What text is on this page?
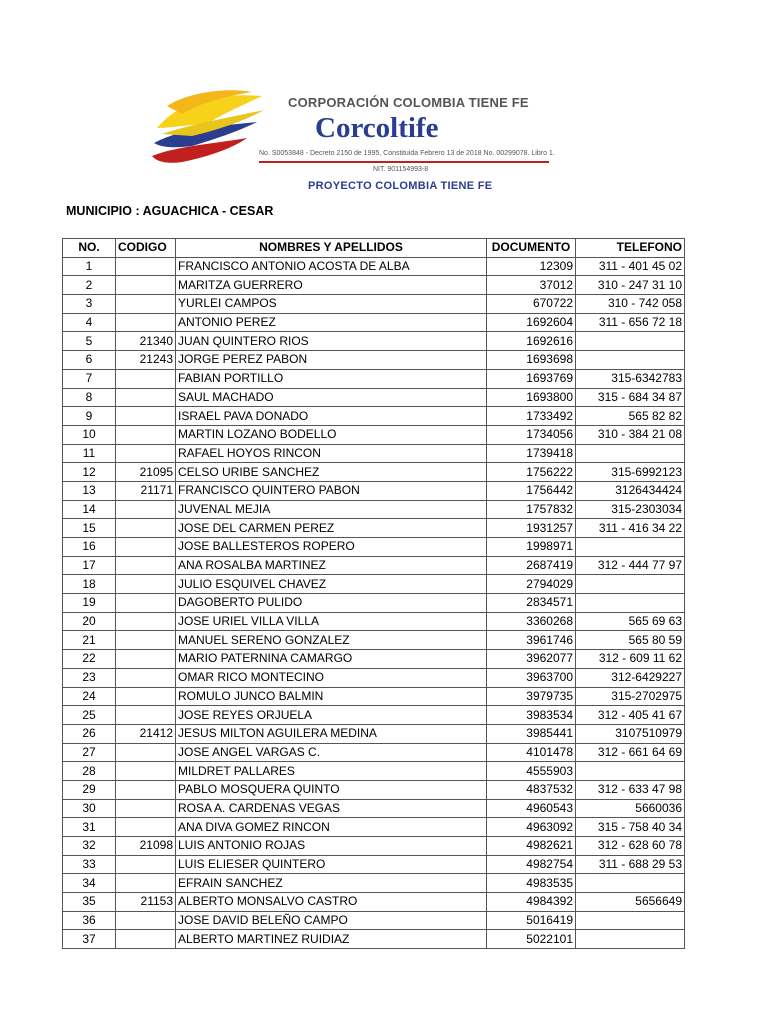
CORPORACIÓN COLOMBIA TIENE FE
Corcoltife
No. S0053848 - Decreto 2150 de 1995, Constituida Febrero 13 de 2018 No. 00299078. Libro 1.
NIT. 901154993-8
PROYECTO COLOMBIA TIENE FE
MUNICIPIO : AGUACHICA - CESAR
NO.	CODIGO	NOMBRES Y APELLIDOS	DOCUMENTO	TELEFONO
1		FRANCISCO ANTONIO ACOSTA DE ALBA	12309	311 - 401 45 02
2		MARITZA GUERRERO	37012	310 - 247 31 10
3		YURLEI CAMPOS	670722	310 - 742 058
4		ANTONIO PEREZ	1692604	311 - 656 72 18
5	21340	JUAN QUINTERO RIOS	1692616	
6	21243	JORGE PEREZ PABON	1693698	
7		FABIAN PORTILLO	1693769	315-6342783
8		SAUL MACHADO	1693800	315 - 684 34 87
9		ISRAEL PAVA DONADO	1733492	565 82 82
10		MARTIN LOZANO BODELLO	1734056	310 - 384 21 08
11		RAFAEL HOYOS RINCON	1739418	
12	21095	CELSO URIBE SANCHEZ	1756222	315-6992123
13	21171	FRANCISCO QUINTERO PABON	1756442	3126434424
14		JUVENAL MEJIA	1757832	315-2303034
15		JOSE DEL CARMEN PEREZ	1931257	311 - 416 34 22
16		JOSE BALLESTEROS ROPERO	1998971	
17		ANA ROSALBA MARTINEZ	2687419	312 - 444 77 97
18		JULIO ESQUIVEL CHAVEZ	2794029	
19		DAGOBERTO PULIDO	2834571	
20		JOSE URIEL VILLA VILLA	3360268	565 69 63
21		MANUEL SERENO GONZALEZ	3961746	565 80 59
22		MARIO PATERNINA CAMARGO	3962077	312 - 609 11 62
23		OMAR RICO MONTECINO	3963700	312-6429227
24		ROMULO JUNCO BALMIN	3979735	315-2702975
25		JOSE REYES ORJUELA	3983534	312 - 405 41 67
26	21412	JESUS MILTON AGUILERA MEDINA	3985441	3107510979
27		JOSE ANGEL VARGAS C.	4101478	312 - 661 64 69
28		MILDRET PALLARES	4555903	
29		PABLO MOSQUERA QUINTO	4837532	312 - 633 47 98
30		ROSA A. CARDENAS VEGAS	4960543	5660036
31		ANA DIVA GOMEZ RINCON	4963092	315 - 758 40 34
32	21098	LUIS ANTONIO ROJAS	4982621	312 - 628 60 78
33		LUIS ELIESER QUINTERO	4982754	311 - 688 29 53
34		EFRAIN SANCHEZ	4983535	
35	21153	ALBERTO MONSALVO CASTRO	4984392	5656649
36		JOSE DAVID BELEÑO CAMPO	5016419	
37		ALBERTO MARTINEZ RUIDIAZ	5022101	
